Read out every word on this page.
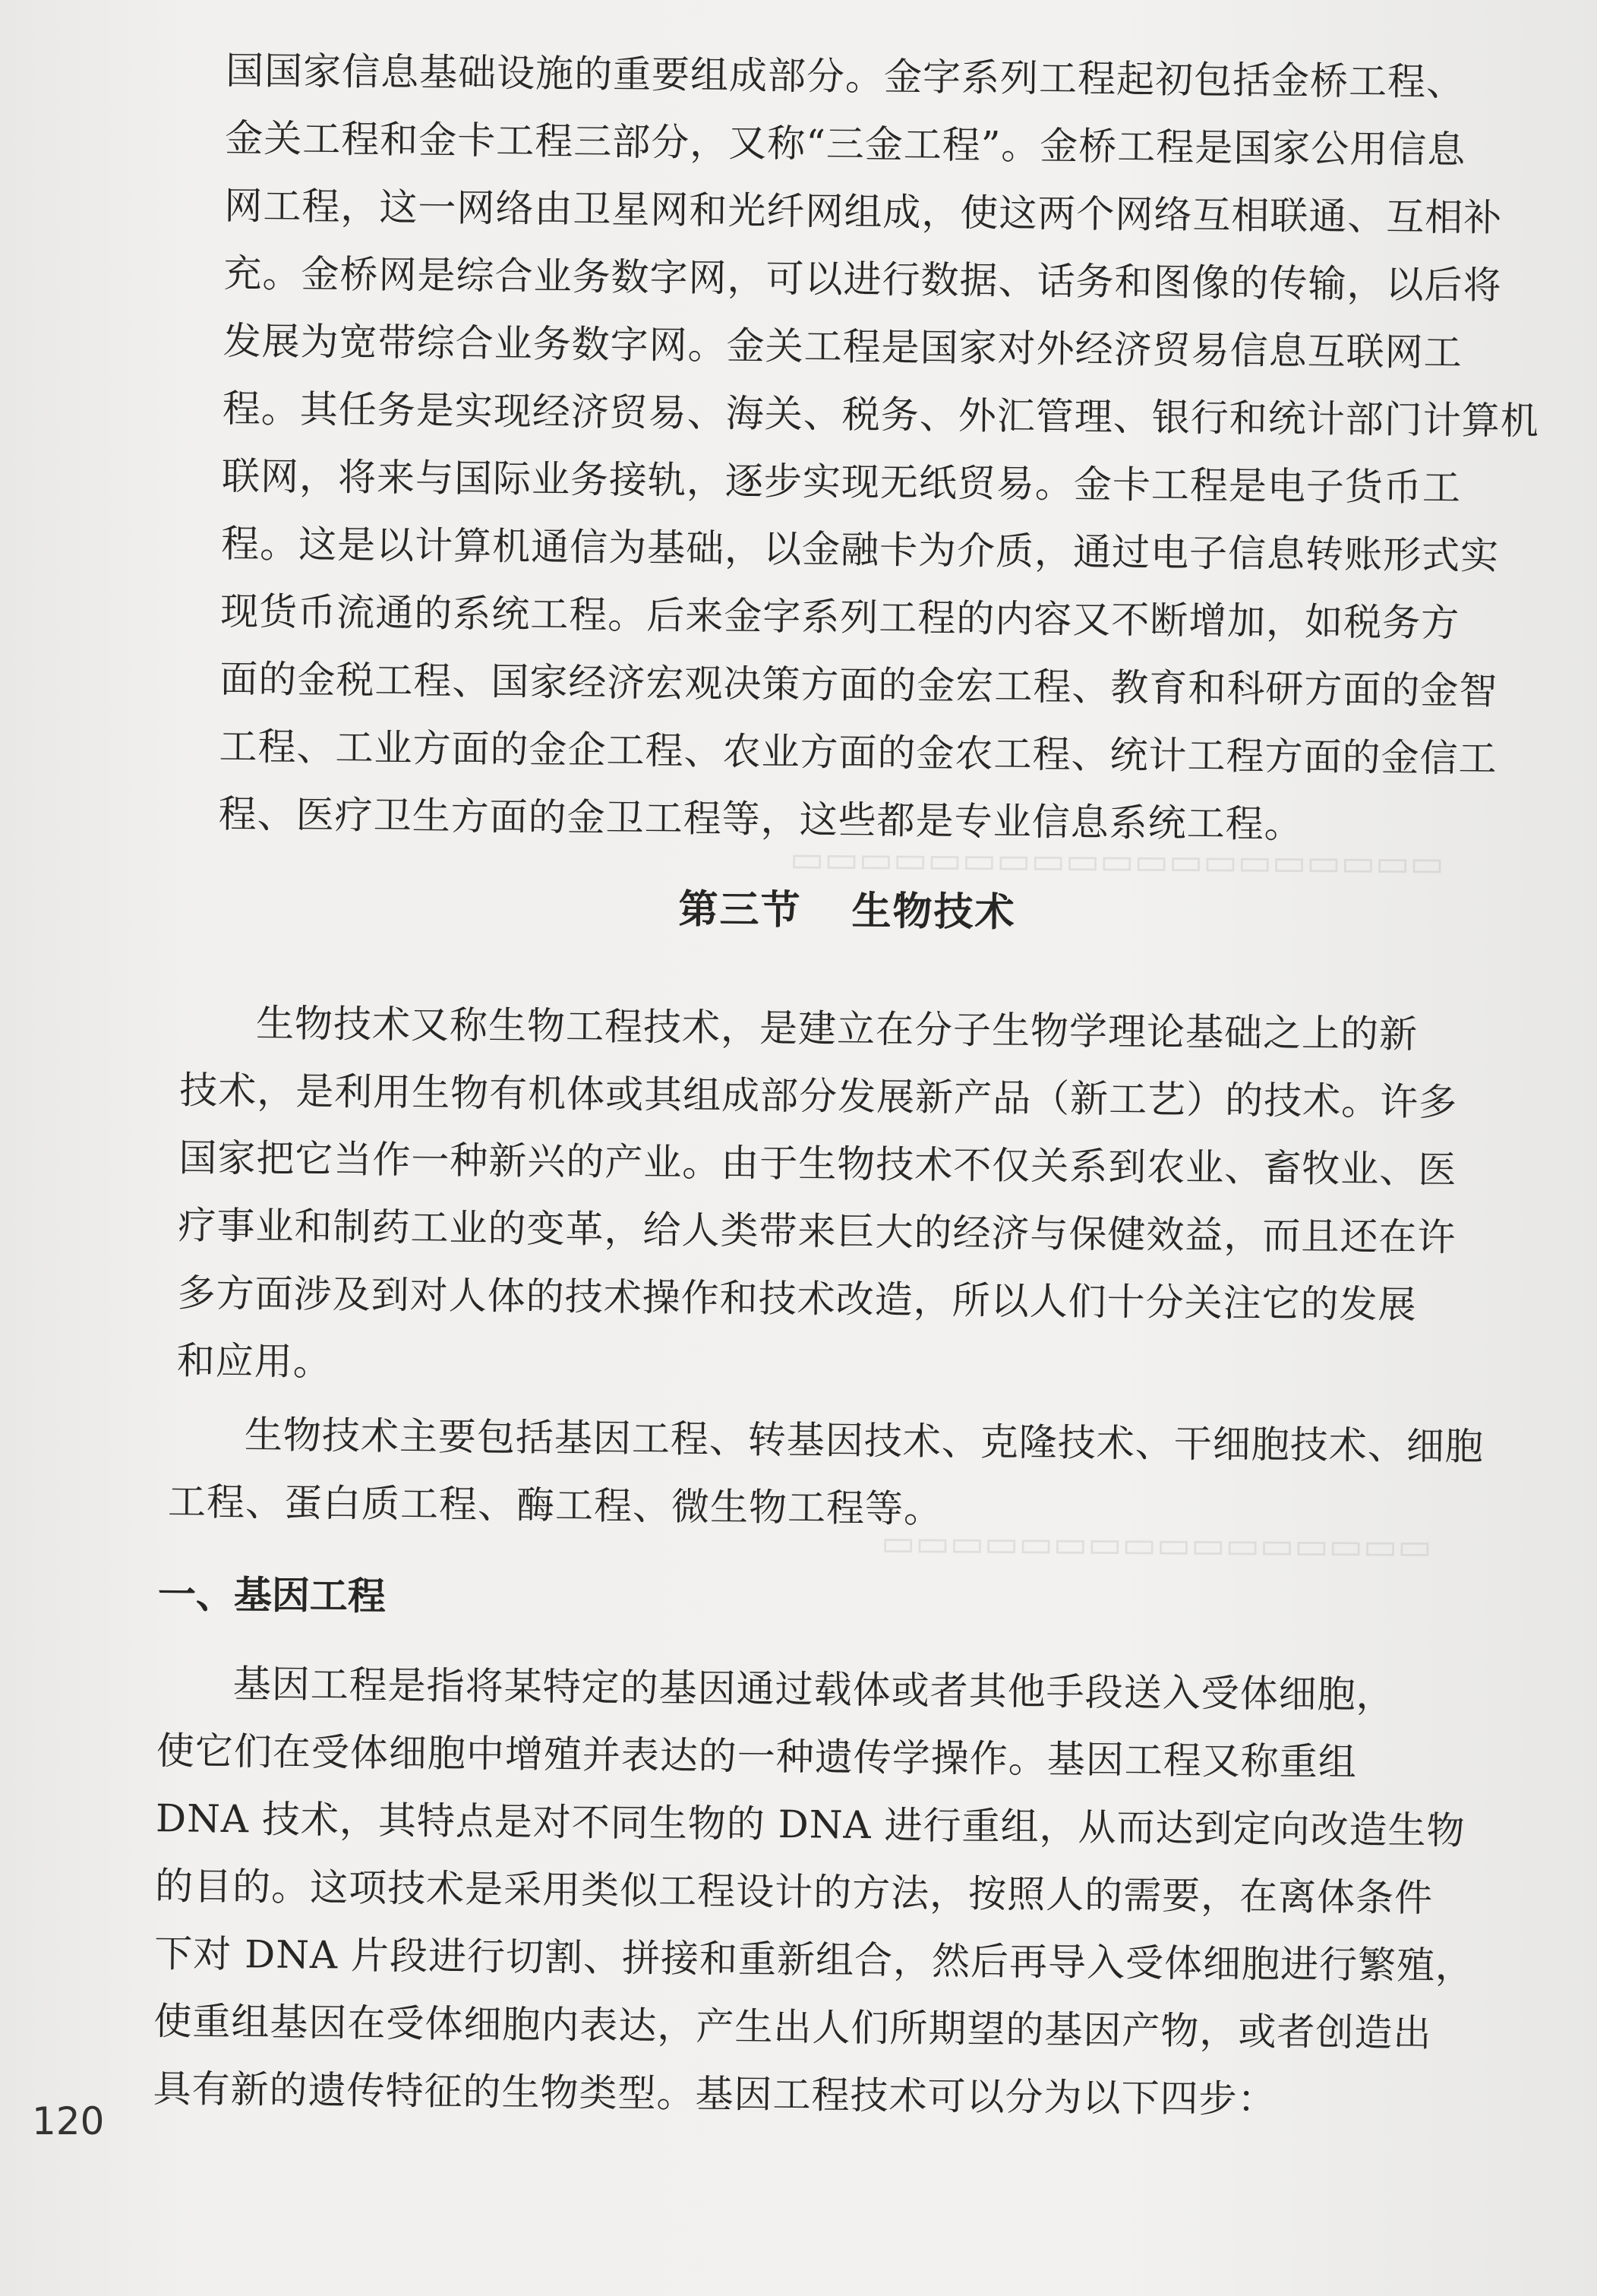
▭▭▭▭▭▭▭▭▭▭▭▭▭▭▭▭▭▭▭
▭▭▭▭▭▭▭▭▭▭▭▭▭▭▭▭
国国家信息基础设施的重要组成部分。金字系列工程起初包括金桥工程、
金关工程和金卡工程三部分，又称“三金工程”。金桥工程是国家公用信息
网工程，这一网络由卫星网和光纤网组成，使这两个网络互相联通、互相补
充。金桥网是综合业务数字网，可以进行数据、话务和图像的传输，以后将
发展为宽带综合业务数字网。金关工程是国家对外经济贸易信息互联网工
程。其任务是实现经济贸易、海关、税务、外汇管理、银行和统计部门计算机
联网，将来与国际业务接轨，逐步实现无纸贸易。金卡工程是电子货币工
程。这是以计算机通信为基础，以金融卡为介质，通过电子信息转账形式实
现货币流通的系统工程。后来金字系列工程的内容又不断增加，如税务方
面的金税工程、国家经济宏观决策方面的金宏工程、教育和科研方面的金智
工程、工业方面的金企工程、农业方面的金农工程、统计工程方面的金信工
程、医疗卫生方面的金卫工程等，这些都是专业信息系统工程。
第三节 生物技术
生物技术又称生物工程技术，是建立在分子生物学理论基础之上的新
技术，是利用生物有机体或其组成部分发展新产品（新工艺）的技术。许多
国家把它当作一种新兴的产业。由于生物技术不仅关系到农业、畜牧业、医
疗事业和制药工业的变革，给人类带来巨大的经济与保健效益，而且还在许
多方面涉及到对人体的技术操作和技术改造，所以人们十分关注它的发展
和应用。
生物技术主要包括基因工程、转基因技术、克隆技术、干细胞技术、细胞
工程、蛋白质工程、酶工程、微生物工程等。
一、基因工程
基因工程是指将某特定的基因通过载体或者其他手段送入受体细胞，
使它们在受体细胞中增殖并表达的一种遗传学操作。基因工程又称重组
DNA 技术，其特点是对不同生物的 DNA 进行重组，从而达到定向改造生物
的目的。这项技术是采用类似工程设计的方法，按照人的需要，在离体条件
下对 DNA 片段进行切割、拼接和重新组合，然后再导入受体细胞进行繁殖，
使重组基因在受体细胞内表达，产生出人们所期望的基因产物，或者创造出
具有新的遗传特征的生物类型。基因工程技术可以分为以下四步：
120
